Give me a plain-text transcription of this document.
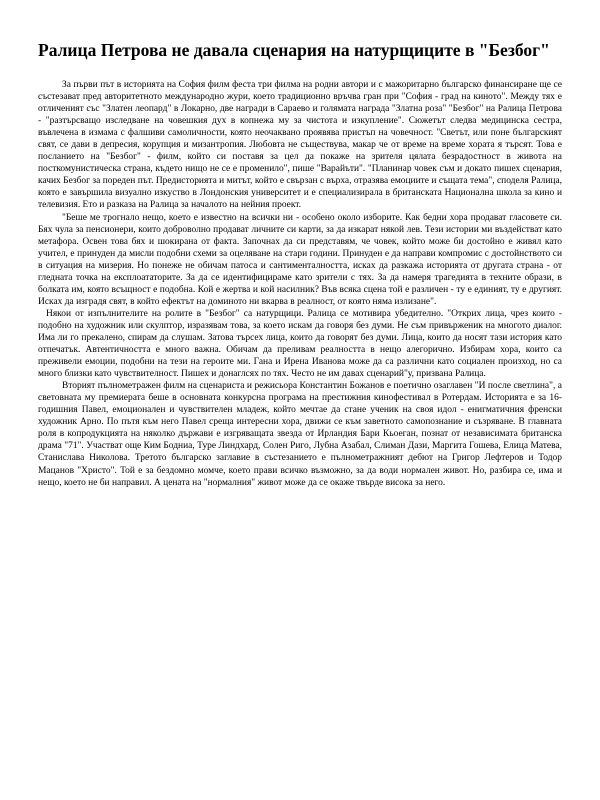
Ралица Петрова не давала сценария на натурщиците в "Безбог"

За първи път в историята на София филм феста три филма на родни автори и с мажоритарно българско финансиране ще се състезават пред авторитетното международно жури, което традиционно връчва гран при "София - град на киното". Между тях е отличеният със "Златен леопард" в Локарно, две награди в Сараево и голямата награда "Златна роза" "Безбог" на Ралица Петрова - "разтърсващо изследване на човешкия дух в копнежа му за чистота и изкупление". Сюжетът следва медицинска сестра, въвлечена в измама с фалшиви самоличности, която неочаквано проявява пристъп на човечност. "Светът, или поне българският свят, се дави в депресия, корупция и мизантропия. Любовта не съществува, макар че от време на време хората я търсят. Това е посланието на "Безбог" - филм, който си поставя за цел да покаже на зрителя цялата безрадостност в живота на посткомунистическа страна, където нищо не се е променило", пише "Варайъти". "Планинар човек съм и докато пишех сценария, качих Безбог за пореден път. Предисторията и митът, който е свързан с върха, отразява емоциите и същата тема", споделя Ралица, която е завършила визуално изкуство в Лондонския университет и е специализирала в британската Национална школа за кино и телевизия. Ето и разказа на Ралица за началото на нейния проект.

"Беше ме трогнало нещо, което е известно на всички ни - особено около изборите. Как бедни хора продават гласовете си. Бях чула за пенсионери, които доброволно продават личните си карти, за да изкарат някой лев. Тези истории ми въздействат като метафора. Освен това бях и шокирана от факта. Започнах да си представям, че човек, който може би достойно е живял като учител, е принуден да мисли подобни схеми за оцеляване на стари години. Принуден е да направи компромис с достойнството си в ситуация на мизерия. Но понеже не обичам патоса и сантименталността, исках да разкажа историята от другата страна - от гледната точка на експлоататорите. За да се идентифицираме като зрители с тях. За да намеря трагедията в техните образи, в болката им, която всъщност е подобна. Кой е жертва и кой насилник? Във всяка сцена той е различен - ту е единият, ту е другият. Исках да изградя свят, в който ефектът на доминото ни вкарва в реалност, от която няма излизане".

Някои от изпълнителите на ролите в "Безбог" са натурщици. Ралица се мотивира убедително. "Открих лица, чрез които - подобно на художник или скулптор, изразявам това, за което искам да говоря без думи. Не съм привърженик на многото диалог. Има ли го прекалено, спирам да слушам. Затова търсех лица, които да говорят без думи. Лица, които да носят тази история като отпечатък. Автентичността е много важна. Обичам да преливам реалността в нещо алегорично. Избирам хора, които са преживели емоции, подобни на тези на героите ми. Гана и Ирена Иванова може да са различни като социален произход, но са много близки като чувствителност. Пишех и донаглсях по тях. Често не им давах сценарий"у, призвана Ралица.

Вторият пълнометражен филм на сценариста и режисьора Константин Божанов е поетично озаглавен "И после светлина", а световната му премиерата беше в основната конкурсна програма на престижния кинофестивал в Ротердам. Историята е за 16-годишния Павел, емоционален и чувствителен младеж, който мечтае да стане ученик на своя идол - енигматичния френски художник Арно. По пътя към него Павел среща интересни хора, движи се към заветното самопознание и съзряване. В главната роля в копродукцията на няколко държави е изгряващата звезда от Ирландия Бари Кьоеган, познат от независимата британска драма "71". Участват още Ким Бодниа, Туре Линдхард, Солен Риго, Лубна Азабал, Слиман Дази, Маргита Гошева, Елица Матева, Станислава Николова. Третото българско заглавие в състезанието е пълнометражният дебют на Григор Лефтеров и Тодор Мацанов "Христо". Той е за бездомно момче, което прави всичко възможно, за да води нормален живот. Но, разбира се, има и нещо, което не би направил. А цената на "нормалния" живот може да се окаже твърде висока за него.
